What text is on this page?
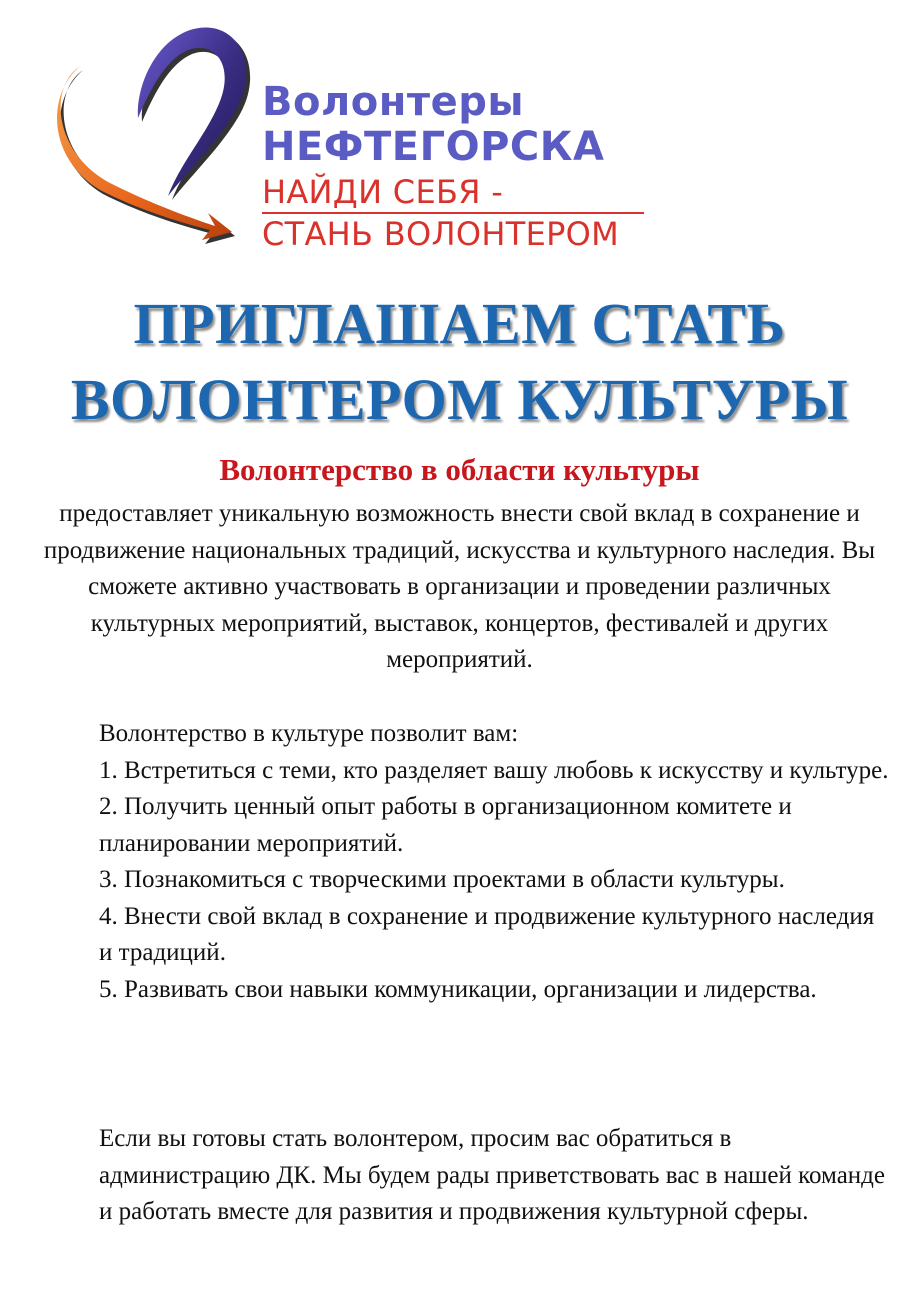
Волонтеры
НЕФТЕГОРСКА
НАЙДИ СЕБЯ -
СТАНЬ ВОЛОНТЕРОМ
ПРИГЛАШАЕМ СТАТЬ
ВОЛОНТЕРОМ КУЛЬТУРЫ
Волонтерство в области культуры
предоставляет уникальную возможность внести свой вклад в сохранение и продвижение национальных традиций, искусства и культурного наследия. Вы сможете активно участвовать в организации и проведении различных культурных мероприятий, выставок, концертов, фестивалей и других мероприятий.

Волонтерство в культуре позволит вам:

1. Встретиться с теми, кто разделяет вашу любовь к искусству и культуре.
2. Получить ценный опыт работы в организационном комитете и планировании мероприятий.
3. Познакомиться с творческими проектами в области культуры.
4. Внести свой вклад в сохранение и продвижение культурного наследия и традиций.
5. Развивать свои навыки коммуникации, организации и лидерства.

Если вы готовы стать волонтером, просим вас обратиться в администрацию ДК. Мы будем рады приветствовать вас в нашей команде и работать вместе для развития и продвижения культурной сферы.
